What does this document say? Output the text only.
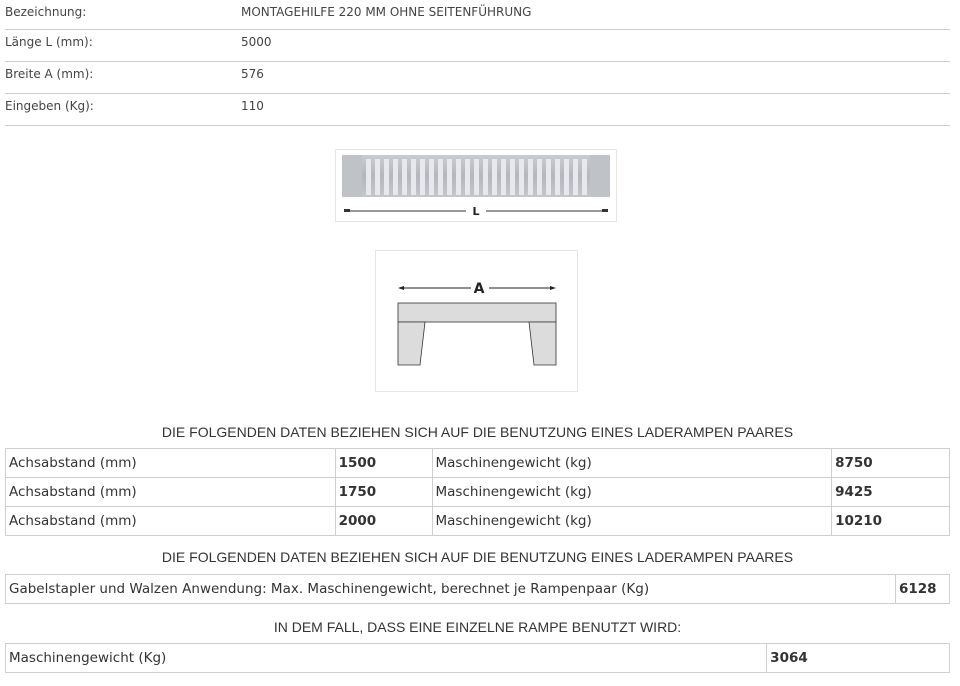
Bezeichnung:	MONTAGEHILFE 220 MM OHNE SEITENFÜHRUNG
Länge L (mm):	5000
Breite A (mm):	576
Eingeben (Kg):	110
L
A
DIE FOLGENDEN DATEN BEZIEHEN SICH AUF DIE BENUTZUNG EINES LADERAMPEN PAARES
Achsabstand (mm)	1500	Maschinengewicht (kg)	8750
Achsabstand (mm)	1750	Maschinengewicht (kg)	9425
Achsabstand (mm)	2000	Maschinengewicht (kg)	10210
DIE FOLGENDEN DATEN BEZIEHEN SICH AUF DIE BENUTZUNG EINES LADERAMPEN PAARES
Gabelstapler und Walzen Anwendung: Max. Maschinengewicht, berechnet je Rampenpaar (Kg)	6128
IN DEM FALL, DASS EINE EINZELNE RAMPE BENUTZT WIRD:
Maschinengewicht (Kg)	3064
